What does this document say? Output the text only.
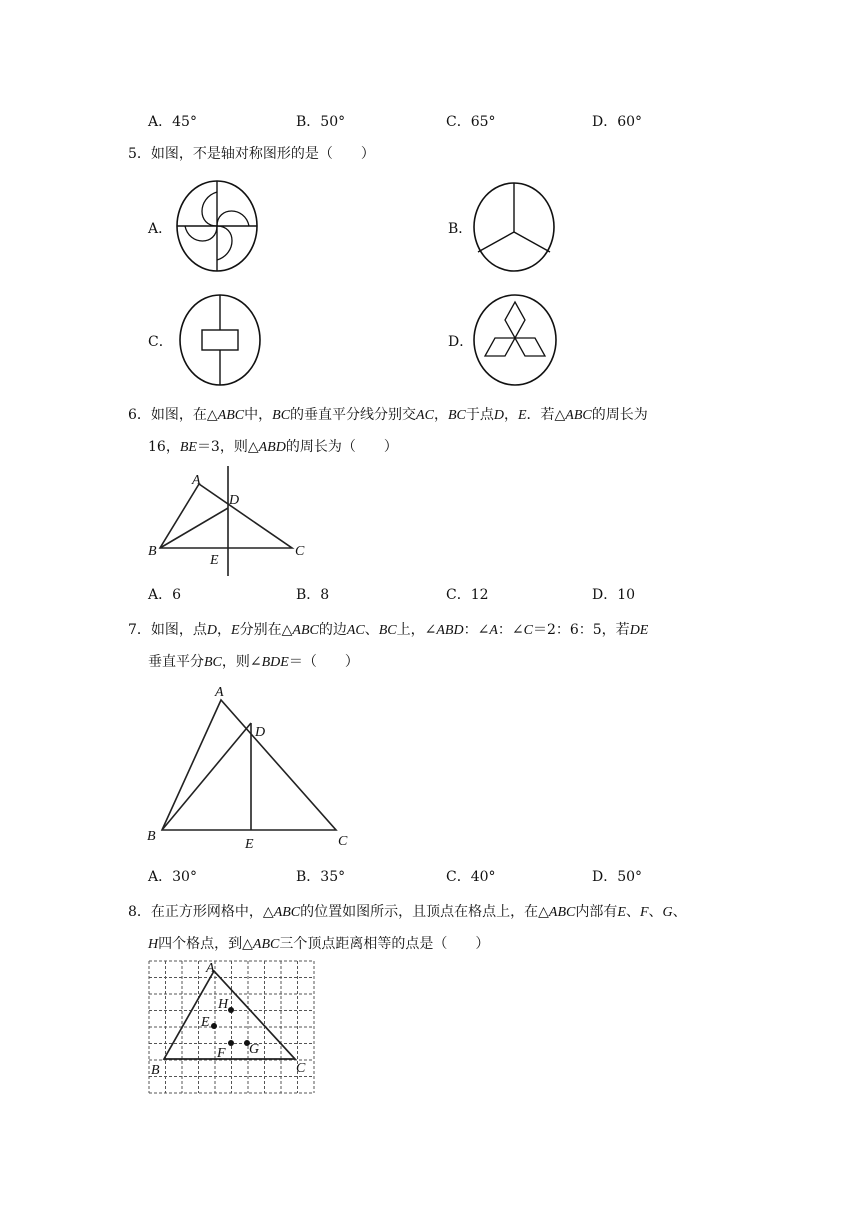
A．45°	B．50°	C．65°	D．60°
5．如图，不是轴对称图形的是（　　）
A．	B．
C．	D．
6．如图，在△ABC中，BC的垂直平分线分别交AC，BC于点D，E．若△ABC的周长为
16，BE＝3，则△ABD的周长为（　　）
A
B	C
D
E
A．6	B．8	C．12	D．10
7．如图，点D，E分别在△ABC的边AC、BC上，∠ABD：∠A：∠C＝2：6：5，若DE
垂直平分BC，则∠BDE＝（　　）
A
B	C
D
E
A．30°	B．35°	C．40°	D．50°
8．在正方形网格中，△ABC的位置如图所示，且顶点在格点上，在△ABC内部有E、F、G、
H四个格点，到△ABC三个顶点距离相等的点是（　　）
A
H
E
F G
B	C
